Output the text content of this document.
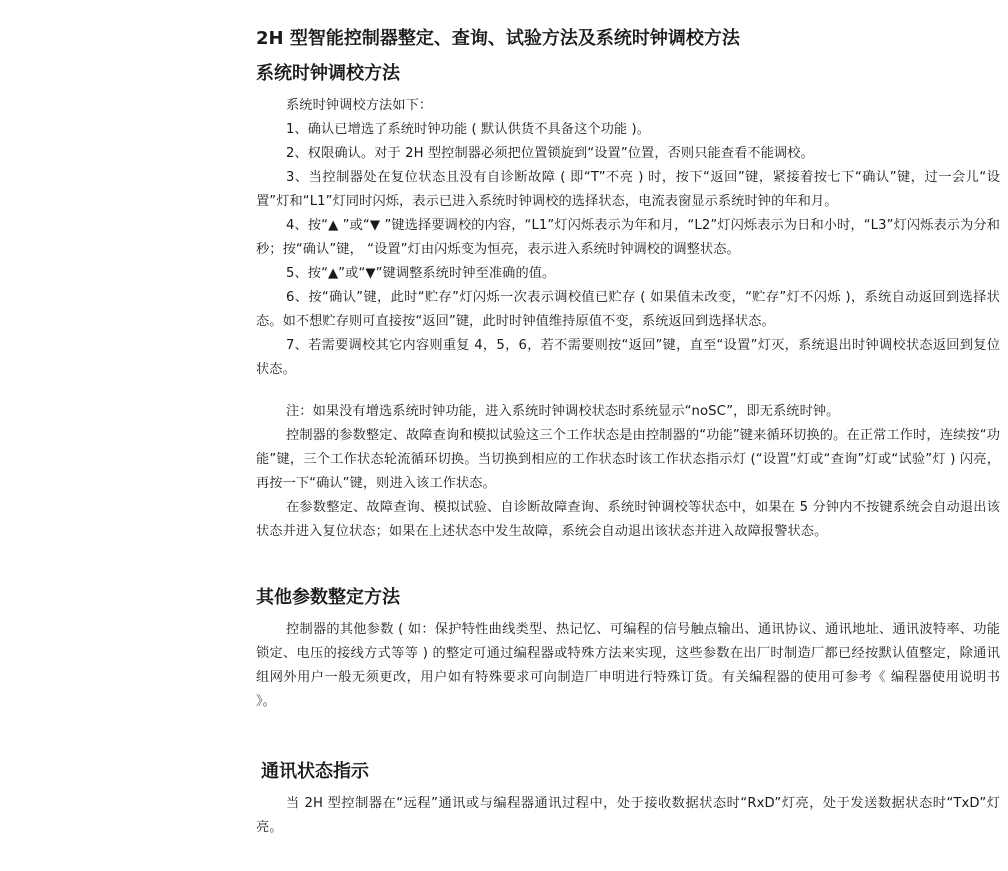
2H 型智能控制器整定、查询、试验方法及系统时钟调校方法
系统时钟调校方法

系统时钟调校方法如下：

1、确认已增选了系统时钟功能 ( 默认供货不具备这个功能 )。

2、权限确认。对于 2H 型控制器必须把位置锁旋到“设置”位置，否则只能查看不能调校。

3、当控制器处在复位状态且没有自诊断故障 ( 即“T”不亮 ) 时，按下“返回”键，紧接着按七下“确认”键，过一会儿“设置”灯和“L1”灯同时闪烁，表示已进入系统时钟调校的选择状态，电流表窗显示系统时钟的年和月。

4、按“▲ ”或“▼ ”键选择要调校的内容，“L1”灯闪烁表示为年和月，“L2”灯闪烁表示为日和小时，“L3”灯闪烁表示为分和秒；按“确认”键， “设置”灯由闪烁变为恒亮，表示进入系统时钟调校的调整状态。

5、按“▲”或“▼”键调整系统时钟至准确的值。

6、按“确认”键，此时“贮存”灯闪烁一次表示调校值已贮存 ( 如果值未改变，“贮存”灯不闪烁 )，系统自动返回到选择状态。如不想贮存则可直接按“返回”键，此时时钟值维持原值不变，系统返回到选择状态。

7、若需要调校其它内容则重复 4，5，6，若不需要则按“返回”键，直至“设置”灯灭，系统退出时钟调校状态返回到复位状态。

注：如果没有增选系统时钟功能，进入系统时钟调校状态时系统显示“noSC”，即无系统时钟。

控制器的参数整定、故障查询和模拟试验这三个工作状态是由控制器的“功能”键来循环切换的。在正常工作时，连续按“功能”键，三个工作状态轮流循环切换。当切换到相应的工作状态时该工作状态指示灯 (“设置”灯或“查询”灯或“试验”灯 ) 闪亮，再按一下“确认”键，则进入该工作状态。

在参数整定、故障查询、模拟试验、自诊断故障查询、系统时钟调校等状态中，如果在 5 分钟内不按键系统会自动退出该状态并进入复位状态；如果在上述状态中发生故障，系统会自动退出该状态并进入故障报警状态。

其他参数整定方法

控制器的其他参数 ( 如：保护特性曲线类型、热记忆、可编程的信号触点输出、通讯协议、通讯地址、通讯波特率、功能锁定、电压的接线方式等等 ) 的整定可通过编程器或特殊方法来实现，这些参数在出厂时制造厂都已经按默认值整定，除通讯组网外用户一般无须更改，用户如有特殊要求可向制造厂申明进行特殊订货。有关编程器的使用可参考《 编程器使用说明书 》。

通讯状态指示

当 2H 型控制器在“远程”通讯或与编程器通讯过程中，处于接收数据状态时“RxD”灯亮，处于发送数据状态时“TxD”灯亮。
